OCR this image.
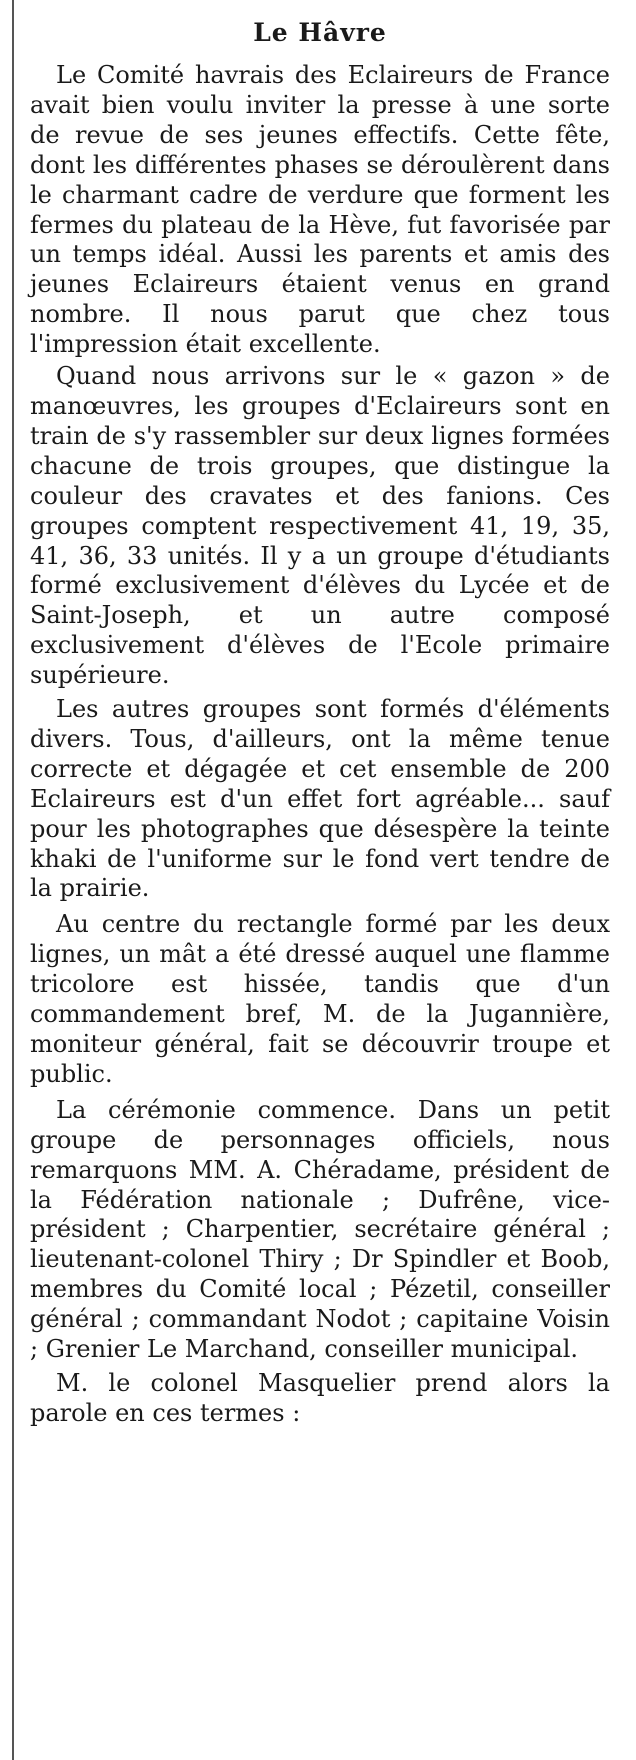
Le Hâvre

Le Comité havrais des Eclaireurs de France avait bien voulu inviter la presse à une sorte de revue de ses jeunes effectifs. Cette fête, dont les différentes phases se déroulèrent dans le charmant cadre de verdure que forment les fermes du plateau de la Hève, fut favorisée par un temps idéal. Aussi les parents et amis des jeunes Eclaireurs étaient venus en grand nombre. Il nous parut que chez tous l'impression était excellente.

Quand nous arrivons sur le « gazon » de manœuvres, les groupes d'Eclaireurs sont en train de s'y rassembler sur deux lignes formées chacune de trois groupes, que distingue la couleur des cravates et des fanions. Ces groupes comptent respectivement 41, 19, 35, 41, 36, 33 unités. Il y a un groupe d'étudiants formé exclusivement d'élèves du Lycée et de Saint-Joseph, et un autre composé exclusivement d'élèves de l'Ecole primaire supérieure.

Les autres groupes sont formés d'éléments divers. Tous, d'ailleurs, ont la même tenue correcte et dégagée et cet ensemble de 200 Eclaireurs est d'un effet fort agréable... sauf pour les photographes que désespère la teinte khaki de l'uniforme sur le fond vert tendre de la prairie.

Au centre du rectangle formé par les deux lignes, un mât a été dressé auquel une flamme tricolore est hissée, tandis que d'un commandement bref, M. de la Jugannière, moniteur général, fait se découvrir troupe et public.

La cérémonie commence. Dans un petit groupe de personnages officiels, nous remarquons MM. A. Chéradame, président de la Fédération nationale ; Dufrêne, vice-président ; Charpentier, secrétaire général ; lieutenant-colonel Thiry ; Dr Spindler et Boob, membres du Comité local ; Pézetil, conseiller général ; commandant Nodot ; capitaine Voisin ; Grenier Le Marchand, conseiller municipal.

M. le colonel Masquelier prend alors la parole en ces termes :
